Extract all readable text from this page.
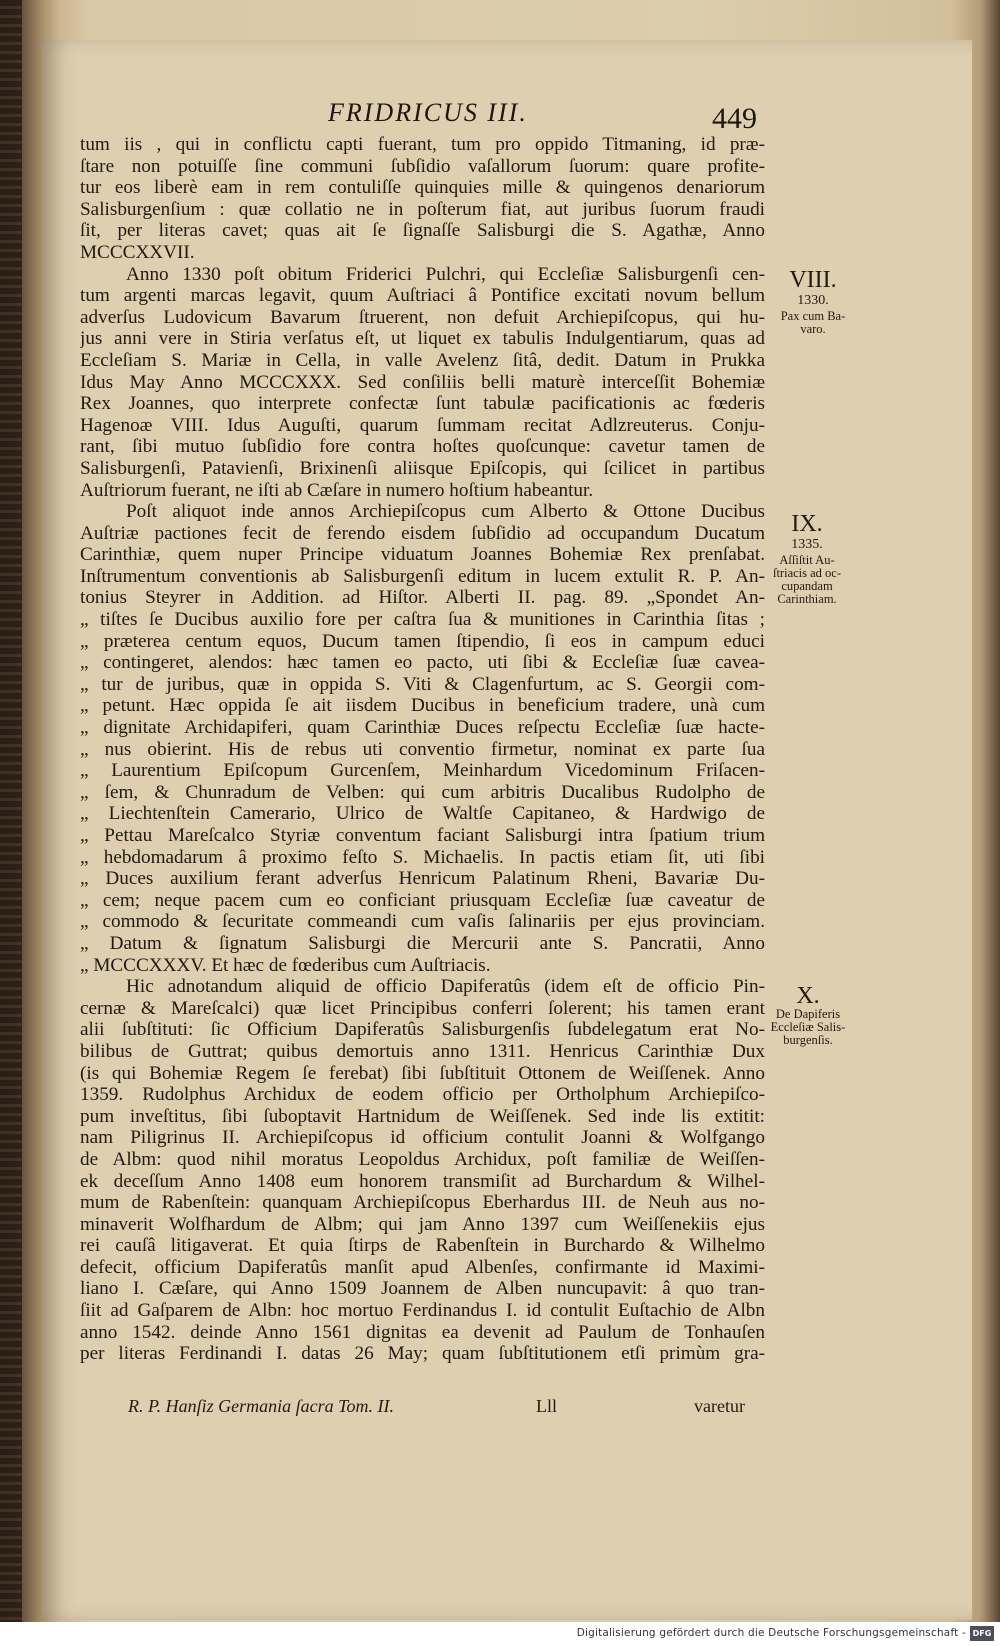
FRIDRICUS III.	449
tum iis , qui in conflictu capti fuerant, tum pro oppido Titmaning, id præ-
ſtare non potuiſſe ſine communi ſubſidio vaſallorum ſuorum: quare profite-
tur eos liberè eam in rem contuliſſe quinquies mille & quingenos denariorum
Salisburgenſium : quæ collatio ne in poſterum fiat, aut juribus ſuorum fraudi
ſit, per literas cavet; quas ait ſe ſignaſſe Salisburgi die S. Agathæ, Anno
MCCCXXVII.
Anno 1330 poſt obitum Friderici Pulchri, qui Eccleſiæ Salisburgenſi cen-
tum argenti marcas legavit, quum Auſtriaci â Pontifice excitati novum bellum
adverſus Ludovicum Bavarum ſtruerent, non defuit Archiepiſcopus, qui hu-
jus anni vere in Stiria verſatus eſt, ut liquet ex tabulis Indulgentiarum, quas ad
Eccleſiam S. Mariæ in Cella, in valle Avelenz ſitâ, dedit. Datum in Prukka
Idus May Anno MCCCXXX. Sed conſiliis belli maturè interceſſit Bohemiæ
Rex Joannes, quo interprete confectæ ſunt tabulæ pacificationis ac fœderis
Hagenoæ VIII. Idus Auguſti, quarum ſummam recitat Adlzreuterus. Conju-
rant, ſibi mutuo ſubſidio fore contra hoſtes quoſcunque: cavetur tamen de
Salisburgenſi, Patavienſi, Brixinenſi aliisque Epiſcopis, qui ſcilicet in partibus
Auſtriorum fuerant, ne iſti ab Cæſare in numero hoſtium habeantur.
Poſt aliquot inde annos Archiepiſcopus cum Alberto & Ottone Ducibus
Auſtriæ pactiones fecit de ferendo eisdem ſubſidio ad occupandum Ducatum
Carinthiæ, quem nuper Principe viduatum Joannes Bohemiæ Rex prenſabat.
Inſtrumentum conventionis ab Salisburgenſi editum in lucem extulit R. P. An-
tonius Steyrer in Addition. ad Hiſtor. Alberti II. pag. 89. „Spondet An-
„ tiſtes ſe Ducibus auxilio fore per caſtra ſua & munitiones in Carinthia ſitas ;
„ præterea centum equos, Ducum tamen ſtipendio, ſi eos in campum educi
„ contingeret, alendos: hæc tamen eo pacto, uti ſibi & Eccleſiæ ſuæ cavea-
„ tur de juribus, quæ in oppida S. Viti & Clagenfurtum, ac S. Georgii com-
„ petunt. Hæc oppida ſe ait iisdem Ducibus in beneficium tradere, unà cum
„ dignitate Archidapiferi, quam Carinthiæ Duces reſpectu Eccleſiæ ſuæ hacte-
„ nus obierint. His de rebus uti conventio firmetur, nominat ex parte ſua
„ Laurentium Epiſcopum Gurcenſem, Meinhardum Vicedominum Friſacen-
„ ſem, & Chunradum de Velben: qui cum arbitris Ducalibus Rudolpho de
„ Liechtenſtein Camerario, Ulrico de Waltſe Capitaneo, & Hardwigo de
„ Pettau Mareſcalco Styriæ conventum faciant Salisburgi intra ſpatium trium
„ hebdomadarum â proximo feſto S. Michaelis. In pactis etiam ſit, uti ſibi
„ Duces auxilium ferant adverſus Henricum Palatinum Rheni, Bavariæ Du-
„ cem; neque pacem cum eo conficiant priusquam Eccleſiæ ſuæ caveatur de
„ commodo & ſecuritate commeandi cum vaſis ſalinariis per ejus provinciam.
„ Datum & ſignatum Salisburgi die Mercurii ante S. Pancratii, Anno
„ MCCCXXXV. Et hæc de fœderibus cum Auſtriacis.
Hic adnotandum aliquid de officio Dapiferatûs (idem eſt de officio Pin-
cernæ & Mareſcalci) quæ licet Principibus conferri ſolerent; his tamen erant
alii ſubſtituti: ſic Officium Dapiferatûs Salisburgenſis ſubdelegatum erat No-
bilibus de Guttrat; quibus demortuis anno 1311. Henricus Carinthiæ Dux
(is qui Bohemiæ Regem ſe ferebat) ſibi ſubſtituit Ottonem de Weiſſenek. Anno
1359. Rudolphus Archidux de eodem officio per Ortholphum Archiepiſco-
pum inveſtitus, ſibi ſuboptavit Hartnidum de Weiſſenek. Sed inde lis extitit:
nam Piligrinus II. Archiepiſcopus id officium contulit Joanni & Wolfgango
de Albm: quod nihil moratus Leopoldus Archidux, poſt familiæ de Weiſſen-
ek deceſſum Anno 1408 eum honorem transmiſit ad Burchardum & Wilhel-
mum de Rabenſtein: quanquam Archiepiſcopus Eberhardus III. de Neuh aus no-
minaverit Wolfhardum de Albm; qui jam Anno 1397 cum Weiſſenekiis ejus
rei cauſâ litigaverat. Et quia ſtirps de Rabenſtein in Burchardo & Wilhelmo
defecit, officium Dapiferatûs manſit apud Albenſes, confirmante id Maximi-
liano I. Cæſare, qui Anno 1509 Joannem de Alben nuncupavit: â quo tran-
ſiit ad Gaſparem de Albn: hoc mortuo Ferdinandus I. id contulit Euſtachio de Albn
anno 1542. deinde Anno 1561 dignitas ea devenit ad Paulum de Tonhauſen
per literas Ferdinandi I. datas 26 May; quam ſubſtitutionem etſi primùm gra-
VIII.
1330.
Pax cum Ba-
varo.
IX.
1335.
Aſſiſtit Au-
ſtriacis ad oc-
cupandam
Carinthiam.
X.
De Dapiferis
Eccleſiæ Salis-
burgenſis.
R. P. Hanſiz Germania ſacra Tom. II.	Lll	varetur
Digitalisierung gefördert durch die Deutsche Forschungsgemeinschaft - DFG
